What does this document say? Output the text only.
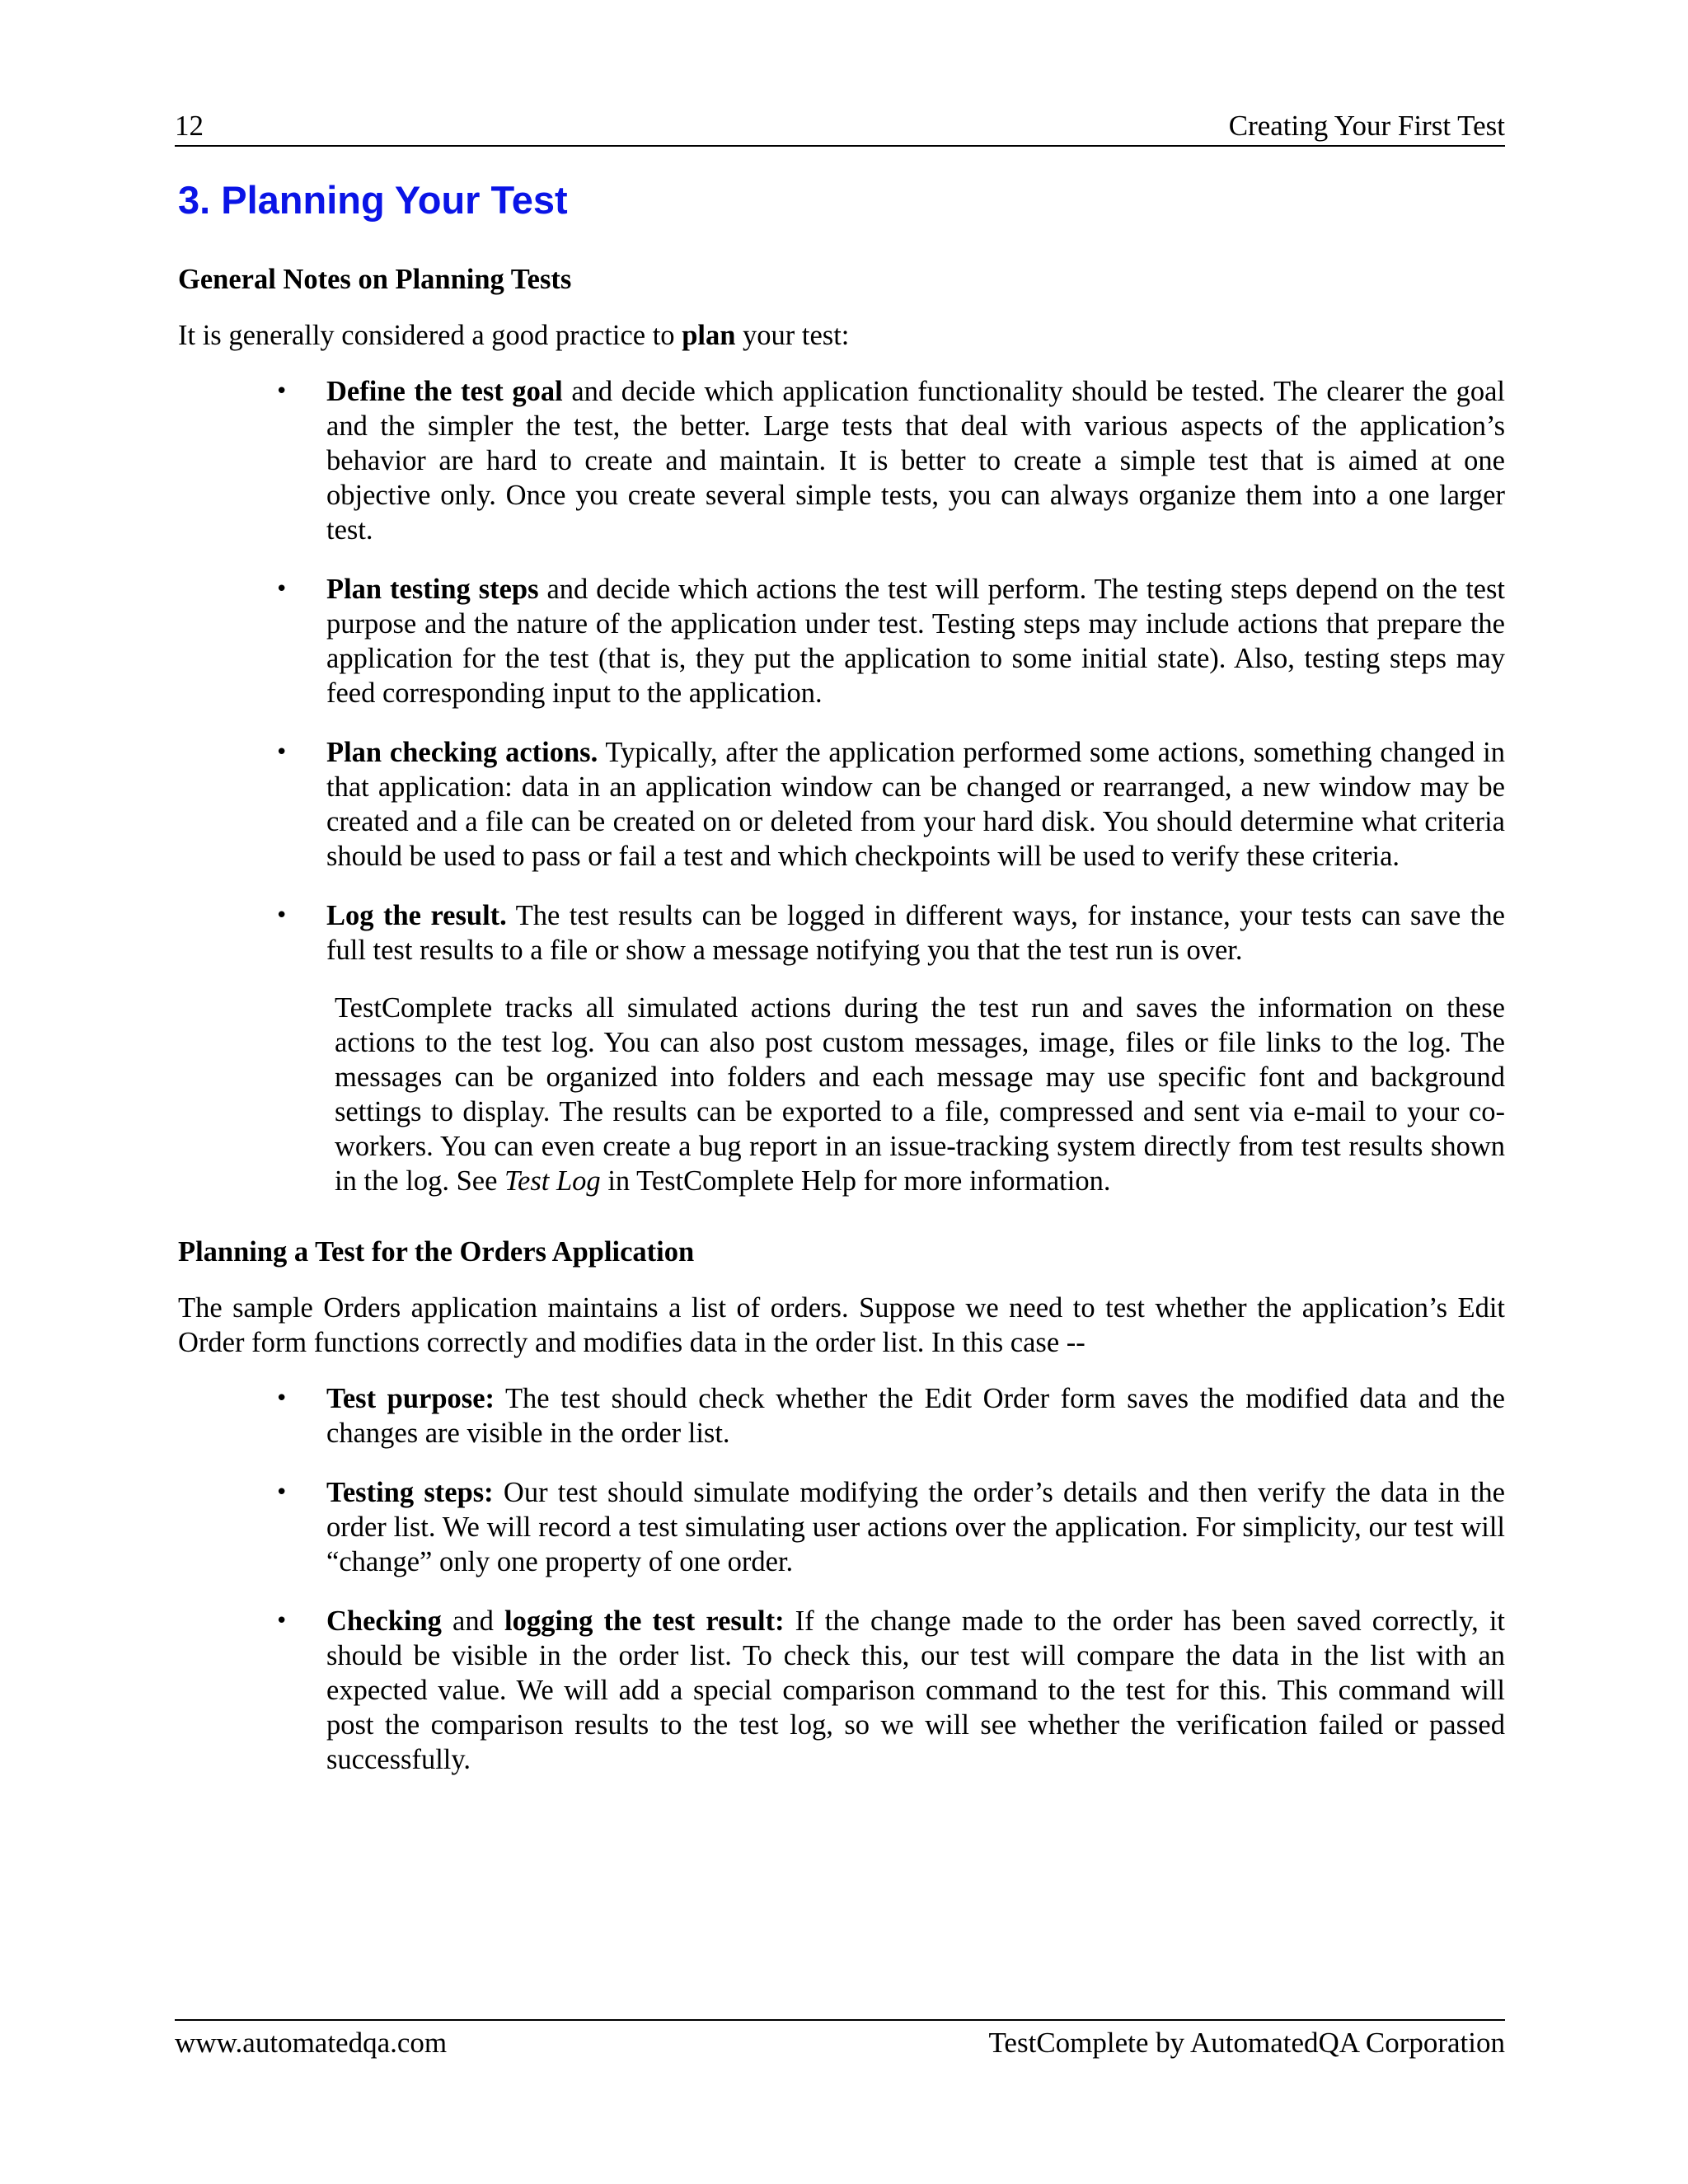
12	Creating Your First Test
3. Planning Your Test
General Notes on Planning Tests

It is generally considered a good practice to plan your test:

• Define the test goal and decide which application functionality should be tested. The clearer the goal and the simpler the test, the better. Large tests that deal with various aspects of the application’s behavior are hard to create and maintain. It is better to create a simple test that is aimed at one objective only. Once you create several simple tests, you can always organize them into a one larger test.
• Plan testing steps and decide which actions the test will perform. The testing steps depend on the test purpose and the nature of the application under test. Testing steps may include actions that prepare the application for the test (that is, they put the application to some initial state). Also, testing steps may feed corresponding input to the application.
• Plan checking actions. Typically, after the application performed some actions, something changed in that application: data in an application window can be changed or rearranged, a new window may be created and a file can be created on or deleted from your hard disk. You should determine what criteria should be used to pass or fail a test and which checkpoints will be used to verify these criteria.
• Log the result. The test results can be logged in different ways, for instance, your tests can save the full test results to a file or show a message notifying you that the test run is over.

TestComplete tracks all simulated actions during the test run and saves the information on these actions to the test log. You can also post custom messages, image, files or file links to the log. The messages can be organized into folders and each message may use specific font and background settings to display. The results can be exported to a file, compressed and sent via e-mail to your co-workers. You can even create a bug report in an issue-tracking system directly from test results shown in the log. See Test Log in TestComplete Help for more information.

Planning a Test for the Orders Application

The sample Orders application maintains a list of orders. Suppose we need to test whether the application’s Edit Order form functions correctly and modifies data in the order list. In this case --

• Test purpose: The test should check whether the Edit Order form saves the modified data and the changes are visible in the order list.
• Testing steps: Our test should simulate modifying the order’s details and then verify the data in the order list. We will record a test simulating user actions over the application. For simplicity, our test will “change” only one property of one order.
• Checking and logging the test result: If the change made to the order has been saved correctly, it should be visible in the order list. To check this, our test will compare the data in the list with an expected value. We will add a special comparison command to the test for this. This command will post the comparison results to the test log, so we will see whether the verification failed or passed successfully.
www.automatedqa.com	TestComplete by AutomatedQA Corporation
